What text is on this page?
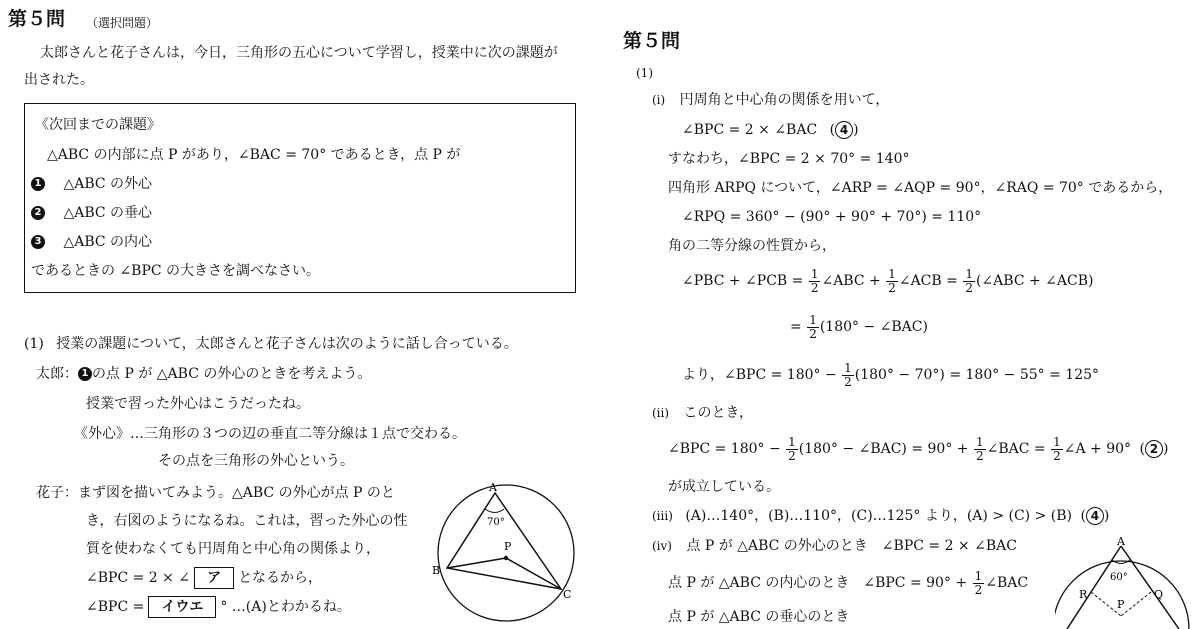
第５問 （選択問題）
太郎さんと花子さんは，今日，三角形の五心について学習し，授業中に次の課題が
出された。
《次回までの課題》
△ABC の内部に点 P があり，∠BAC = 70° であるとき，点 P が
1 △ABC の外心
2 △ABC の垂心
3 △ABC の内心
であるときの ∠BPC の大きさを調べなさい。
(1) 授業の課題について，太郎さんと花子さんは次のように話し合っている。
太郎： 1 の点 P が △ABC の外心のときを考えよう。
授業で習った外心はこうだったね。
《外心》…三角形の３つの辺の垂直二等分線は１点で交わる。
その点を三角形の外心という。
花子：まず図を描いてみよう。△ABC の外心が点 P のと
き，右図のようになるね。これは，習った外心の性
質を使わなくても円周角と中心角の関係より，
∠BPC = 2 × ∠ ア となるから，
∠BPC = イウエ ° …(A)とわかるね。
A
70°
B
C
P
第５問
(1)
(i) 円周角と中心角の関係を用いて，
∠BPC = 2 × ∠BAC ( 4 )
すなわち，∠BPC = 2 × 70° = 140°
四角形 ARPQ について，∠ARP = ∠AQP = 90°，∠RAQ = 70° であるから，
∠RPQ = 360° − (90° + 90° + 70°) = 110°
角の二等分線の性質から，
∠PBC + ∠PCB = $\frac{1}{2}$ ∠ABC + $\frac{1}{2}$ ∠ACB = $\frac{1}{2}$ (∠ABC + ∠ACB)
= $\frac{1}{2} (180^\circ$ − ∠BAC)
より，∠BPC = $180^\circ - \frac{1}{2} (180^\circ - 70^\circ) = 180^\circ - 55^\circ = 125^\circ$
(ii) このとき，
∠BPC = $180^\circ - \frac{1}{2} (180^\circ$ − ∠BAC) = $90^\circ + \frac{1}{2}$ ∠BAC = $\frac{1}{2}$ ∠A + 90° ( 2 )
が成立している。
(iii) (A)…140°，(B)…110°，(C)…125° より，(A) > (C) > (B) ( 4 )
(iv) 点 P が △ABC の外心のとき　∠BPC = 2 × ∠BAC
点 P が △ABC の内心のとき　∠BPC = $90^\circ + \frac{1}{2}$ ∠BAC
点 P が △ABC の垂心のとき
A
60°
R
P
Q
